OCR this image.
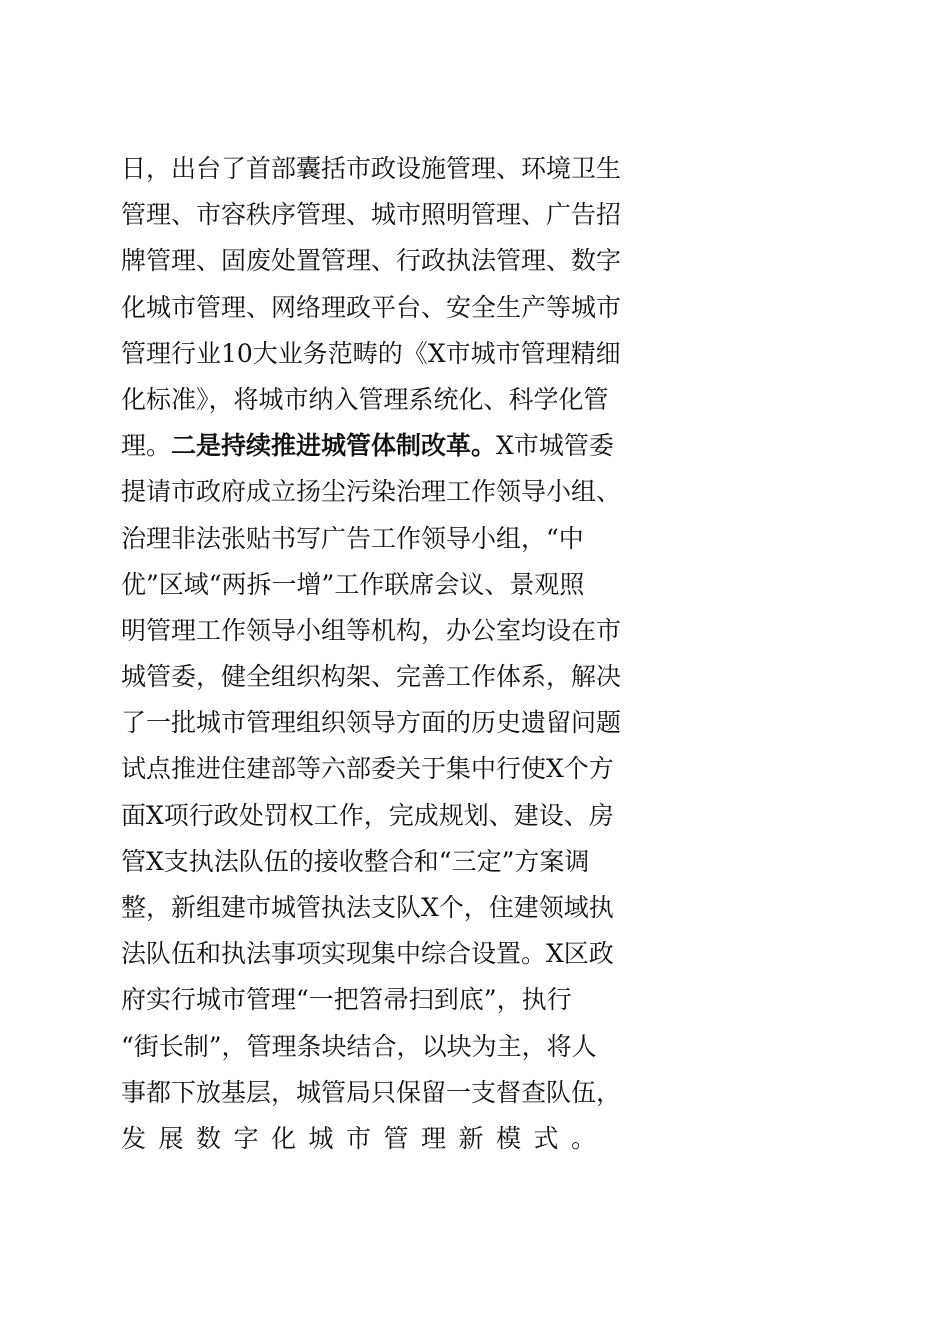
日，出台了首部囊括市政设施管理、环境卫生
管理、市容秩序管理、城市照明管理、广告招
牌管理、固废处置管理、行政执法管理、数字
化城市管理、网络理政平台、安全生产等城市
管理行业10大业务范畴的《X市城市管理精细
化标准》，将城市纳入管理系统化、科学化管
理。二是持续推进城管体制改革。X市城管委
提请市政府成立扬尘污染治理工作领导小组、
治理非法张贴书写广告工作领导小组，“中
优”区域“两拆一增”工作联席会议、景观照
明管理工作领导小组等机构，办公室均设在市
城管委，健全组织构架、完善工作体系，解决
了一批城市管理组织领导方面的历史遗留问题
试点推进住建部等六部委关于集中行使X个方
面X项行政处罚权工作，完成规划、建设、房
管X支执法队伍的接收整合和“三定”方案调
整，新组建市城管执法支队X个，住建领域执
法队伍和执法事项实现集中综合设置。X区政
府实行城市管理“一把笤帚扫到底”，执行
“街长制”，管理条块结合，以块为主，将人
事都下放基层，城管局只保留一支督查队伍，
发展数字化城市管理新模式。
